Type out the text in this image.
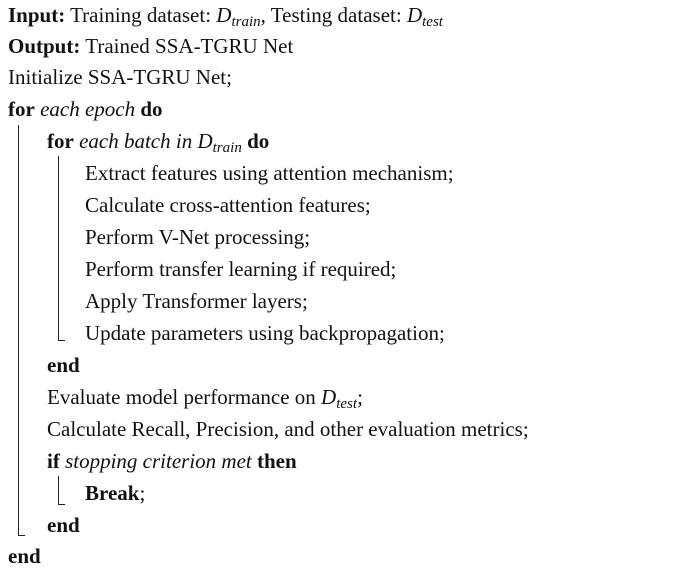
Input: Training dataset: $D_{train}$, Testing dataset: $D_{test}$
Output: Trained SSA-TGRU Net
Initialize SSA-TGRU Net;
for each epoch do
for each batch in $D_{train}$ do
Extract features using attention mechanism;
Calculate cross-attention features;
Perform V-Net processing;
Perform transfer learning if required;
Apply Transformer layers;
Update parameters using backpropagation;
end
Evaluate model performance on $D_{test}$;
Calculate Recall, Precision, and other evaluation metrics;
if stopping criterion met then
Break;
end
end
